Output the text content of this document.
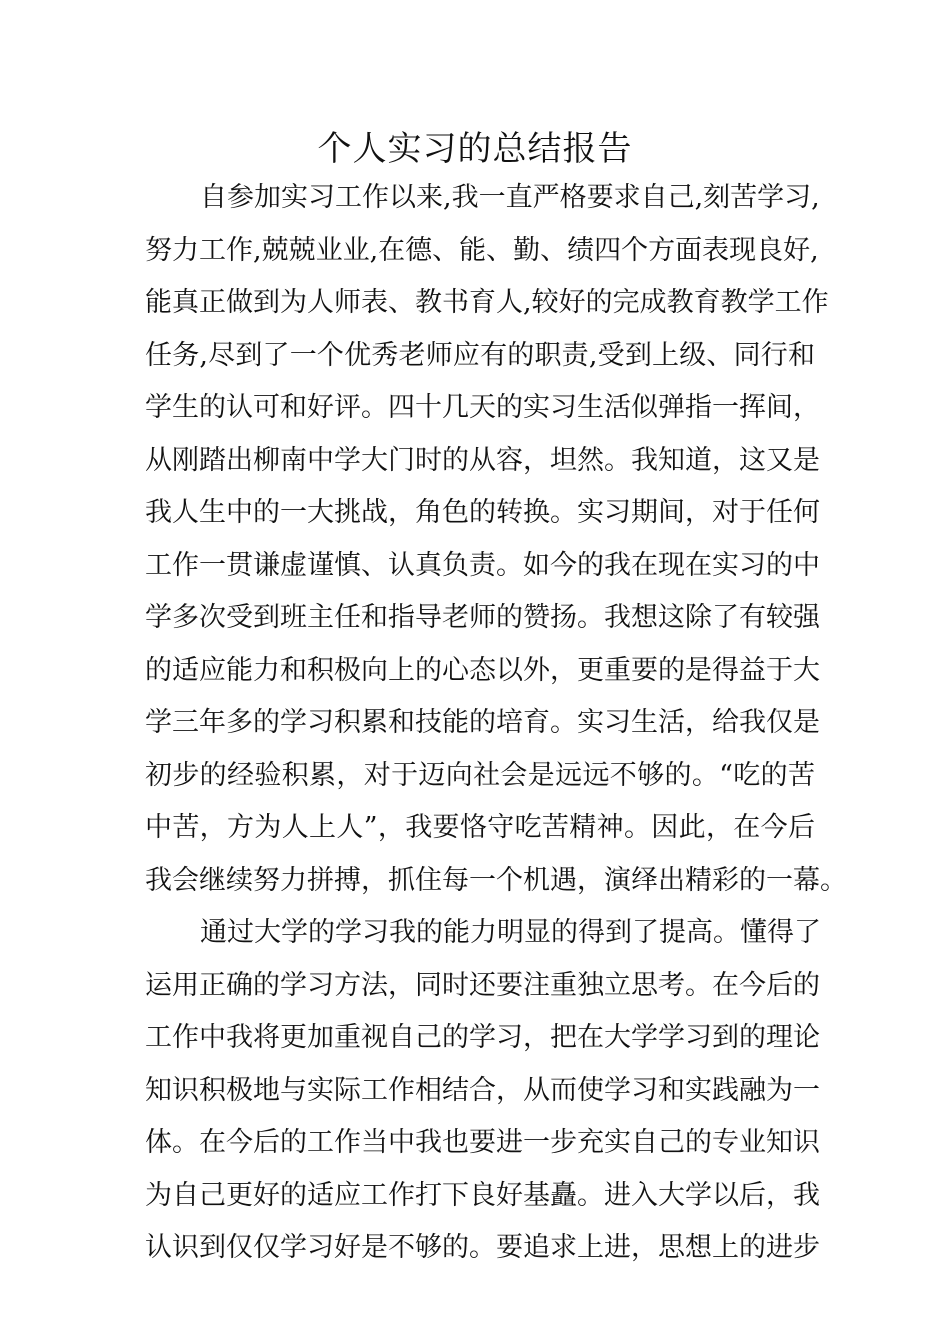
个人实习的总结报告
自参加实习工作以来,我一直严格要求自己,刻苦学习,
努力工作,兢兢业业,在德、能、勤、绩四个方面表现良好,
能真正做到为人师表、教书育人,较好的完成教育教学工作
任务,尽到了一个优秀老师应有的职责,受到上级、同行和
学生的认可和好评。四十几天的实习生活似弹指一挥间，
从刚踏出柳南中学大门时的从容，坦然。我知道，这又是
我人生中的一大挑战，角色的转换。实习期间，对于任何
工作一贯谦虚谨慎、认真负责。如今的我在现在实习的中
学多次受到班主任和指导老师的赞扬。我想这除了有较强
的适应能力和积极向上的心态以外，更重要的是得益于大
学三年多的学习积累和技能的培育。实习生活，给我仅是
初步的经验积累，对于迈向社会是远远不够的。“吃的苦
中苦，方为人上人”，我要恪守吃苦精神。因此，在今后
我会继续努力拼搏，抓住每一个机遇，演绎出精彩的一幕。
通过大学的学习我的能力明显的得到了提高。懂得了
运用正确的学习方法，同时还要注重独立思考。在今后的
工作中我将更加重视自己的学习，把在大学学习到的理论
知识积极地与实际工作相结合，从而使学习和实践融为一
体。在今后的工作当中我也要进一步充实自己的专业知识
为自己更好的适应工作打下良好基矗。进入大学以后，我
认识到仅仅学习好是不够的。要追求上进，思想上的进步
